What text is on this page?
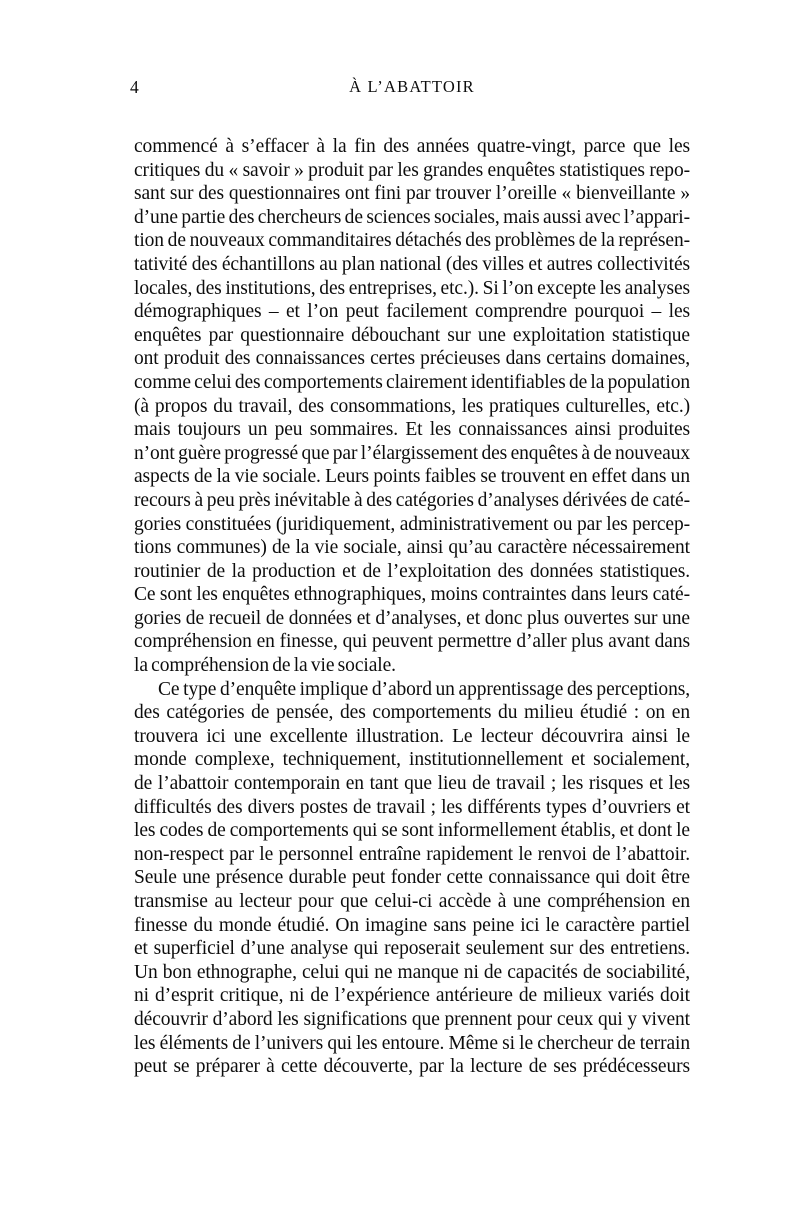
4	À L’ABATTOIR
commencé à s’effacer à la fin des années quatre-vingt, parce que les
critiques du « savoir » produit par les grandes enquêtes statistiques repo-
sant sur des questionnaires ont fini par trouver l’oreille « bienveillante »
d’une partie des chercheurs de sciences sociales, mais aussi avec l’appari-
tion de nouveaux commanditaires détachés des problèmes de la représen-
tativité des échantillons au plan national (des villes et autres collectivités
locales, des institutions, des entreprises, etc.). Si l’on excepte les analyses
démographiques – et l’on peut facilement comprendre pourquoi – les
enquêtes par questionnaire débouchant sur une exploitation statistique
ont produit des connaissances certes précieuses dans certains domaines,
comme celui des comportements clairement identifiables de la population
(à propos du travail, des consommations, les pratiques culturelles, etc.)
mais toujours un peu sommaires. Et les connaissances ainsi produites
n’ont guère progressé que par l’élargissement des enquêtes à de nouveaux
aspects de la vie sociale. Leurs points faibles se trouvent en effet dans un
recours à peu près inévitable à des catégories d’analyses dérivées de caté-
gories constituées (juridiquement, administrativement ou par les percep-
tions communes) de la vie sociale, ainsi qu’au caractère nécessairement
routinier de la production et de l’exploitation des données statistiques.
Ce sont les enquêtes ethnographiques, moins contraintes dans leurs caté-
gories de recueil de données et d’analyses, et donc plus ouvertes sur une
compréhension en finesse, qui peuvent permettre d’aller plus avant dans
la compréhension de la vie sociale.
Ce type d’enquête implique d’abord un apprentissage des perceptions,
des catégories de pensée, des comportements du milieu étudié : on en
trouvera ici une excellente illustration. Le lecteur découvrira ainsi le
monde complexe, techniquement, institutionnellement et socialement,
de l’abattoir contemporain en tant que lieu de travail ; les risques et les
difficultés des divers postes de travail ; les différents types d’ouvriers et
les codes de comportements qui se sont informellement établis, et dont le
non-respect par le personnel entraîne rapidement le renvoi de l’abattoir.
Seule une présence durable peut fonder cette connaissance qui doit être
transmise au lecteur pour que celui-ci accède à une compréhension en
finesse du monde étudié. On imagine sans peine ici le caractère partiel
et superficiel d’une analyse qui reposerait seulement sur des entretiens.
Un bon ethnographe, celui qui ne manque ni de capacités de sociabilité,
ni d’esprit critique, ni de l’expérience antérieure de milieux variés doit
découvrir d’abord les significations que prennent pour ceux qui y vivent
les éléments de l’univers qui les entoure. Même si le chercheur de terrain
peut se préparer à cette découverte, par la lecture de ses prédécesseurs
